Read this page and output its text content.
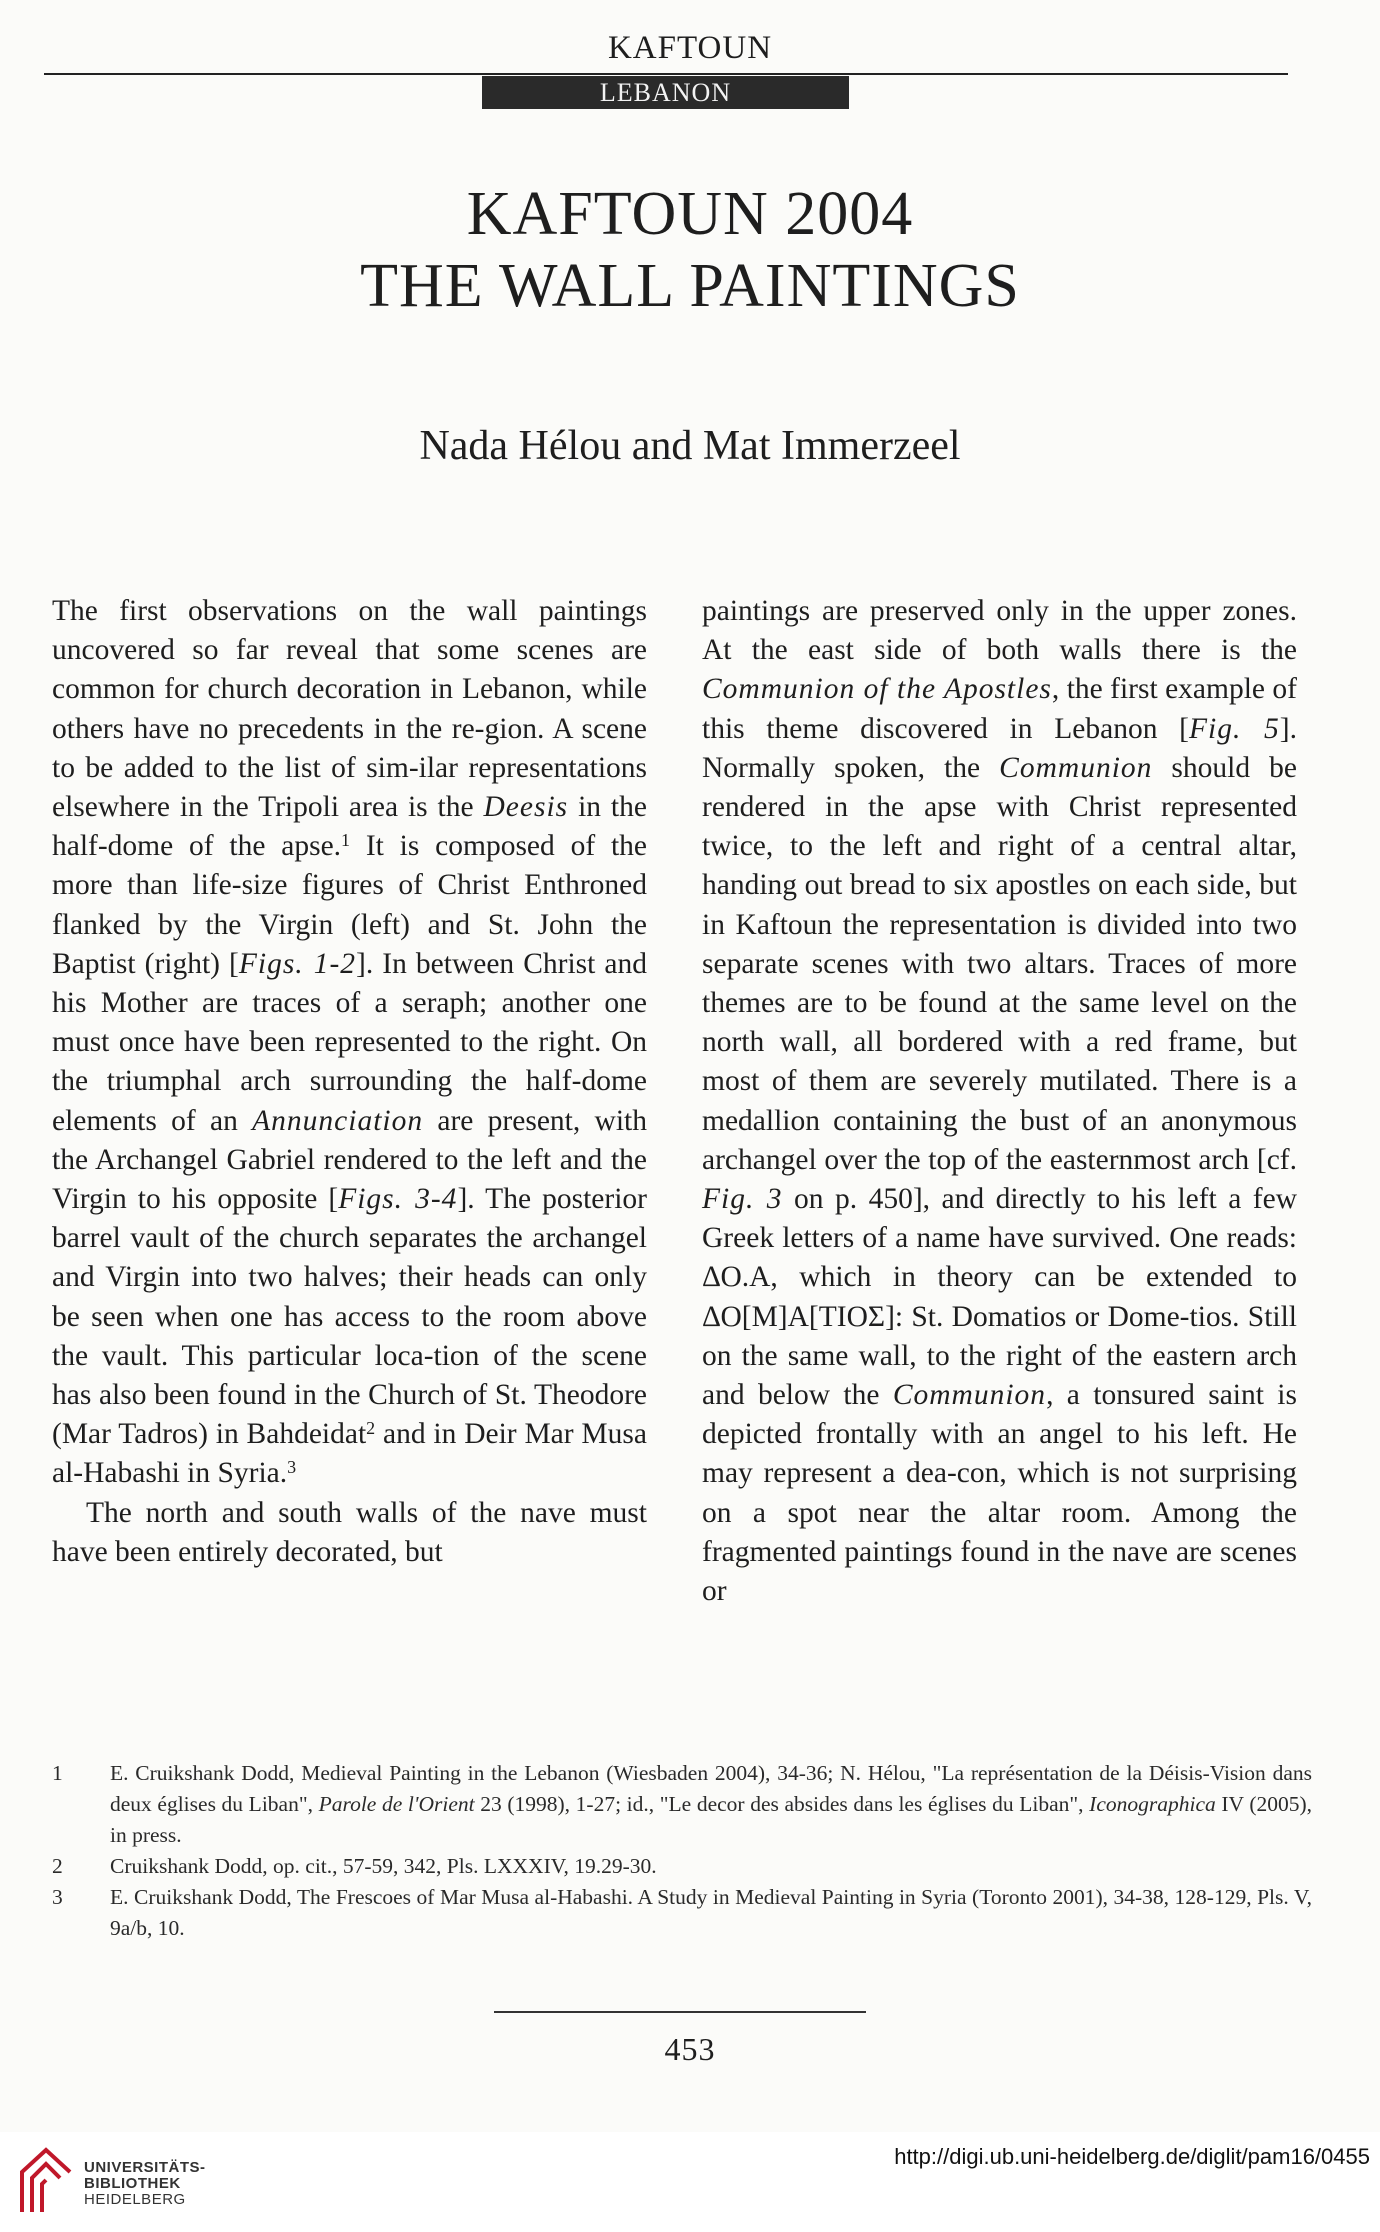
KAFTOUN
LEBANON
KAFTOUN 2004
THE WALL PAINTINGS
Nada Hélou and Mat Immerzeel

The first observations on the wall paintings uncovered so far reveal that some scenes are common for church decoration in Lebanon, while others have no precedents in the re-gion. A scene to be added to the list of sim-ilar representations elsewhere in the Tripoli area is the Deesis in the half-dome of the apse.$^1$ It is composed of the more than life-size figures of Christ Enthroned flanked by the Virgin (left) and St. John the Baptist (right) [Figs. 1-2]. In between Christ and his Mother are traces of a seraph; another one must once have been represented to the right. On the triumphal arch surrounding the half-dome elements of an Annunciation are present, with the Archangel Gabriel rendered to the left and the Virgin to his opposite [Figs. 3-4]. The posterior barrel vault of the church separates the archangel and Virgin into two halves; their heads can only be seen when one has access to the room above the vault. This particular loca-tion of the scene has also been found in the Church of St. Theodore (Mar Tadros) in Bahdeidat$^2$ and in Deir Mar Musa al-Habashi in Syria.$^3$

The north and south walls of the nave must have been entirely decorated, but

paintings are preserved only in the upper zones. At the east side of both walls there is the Communion of the Apostles, the first example of this theme discovered in Lebanon [Fig. 5]. Normally spoken, the Communion should be rendered in the apse with Christ represented twice, to the left and right of a central altar, handing out bread to six apostles on each side, but in Kaftoun the representation is divided into two separate scenes with two altars. Traces of more themes are to be found at the same level on the north wall, all bordered with a red frame, but most of them are severely mutilated. There is a medallion containing the bust of an anonymous archangel over the top of the easternmost arch [cf. Fig. 3 on p. 450], and directly to his left a few Greek letters of a name have survived. One reads: ΔΟ.Α, which in theory can be extended to ΔΟ[Μ]Α[ΤΙΟΣ]: St. Domatios or Dome-tios. Still on the same wall, to the right of the eastern arch and below the Communion, a tonsured saint is depicted frontally with an angel to his left. He may represent a dea-con, which is not surprising on a spot near the altar room. Among the fragmented paintings found in the nave are scenes or

1	E. Cruikshank Dodd, Medieval Painting in the Lebanon (Wiesbaden 2004), 34-36; N. Hélou, "La représentation de la Déisis-Vision dans deux églises du Liban", Parole de l'Orient 23 (1998), 1-27; id., "Le decor des absides dans les églises du Liban", Iconographica IV (2005), in press.
2	Cruikshank Dodd, op. cit., 57-59, 342, Pls. LXXXIV, 19.29-30.
3	E. Cruikshank Dodd, The Frescoes of Mar Musa al-Habashi. A Study in Medieval Painting in Syria (Toronto 2001), 34-38, 128-129, Pls. V, 9a/b, 10.
453
UNIVERSITÄTS-
BIBLIOTHEK
HEIDELBERG
http://digi.ub.uni-heidelberg.de/diglit/pam16/0455
